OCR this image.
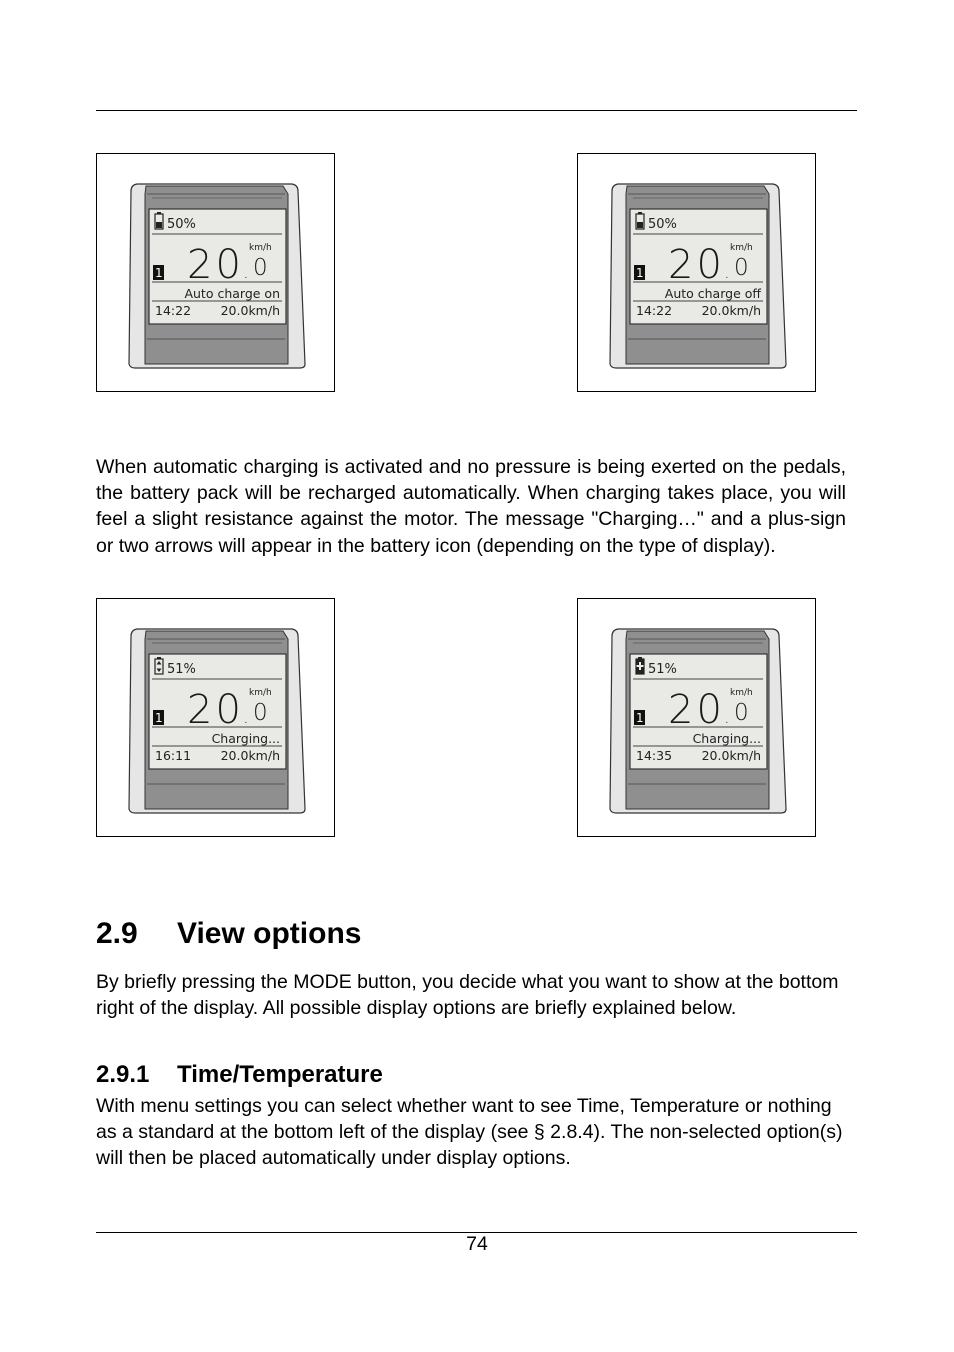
50%
20 . 0
km/h
1
Auto charge on
14:22 20.0km/h
50%
20 . 0
km/h
1
Auto charge off
14:22 20.0km/h

When automatic charging is activated and no pressure is being exerted on the pedals, the battery pack will be recharged automatically. When charging takes place, you will feel a slight resistance against the motor. The message "Charging…" and a plus-sign or two arrows will appear in the battery icon (depending on the type of display).

51%
20 . 0
km/h
1
Charging...
16:11 20.0km/h
51%
20 . 0
km/h
1
Charging...
14:35 20.0km/h
2.9 View options

By briefly pressing the MODE button, you decide what you want to show at the bottom right of the display. All possible display options are briefly explained below.

2.9.1 Time/Temperature

With menu settings you can select whether want to see Time, Temperature or nothing as a standard at the bottom left of the display (see § 2.8.4). The non-selected option(s) will then be placed automatically under display options.

74
